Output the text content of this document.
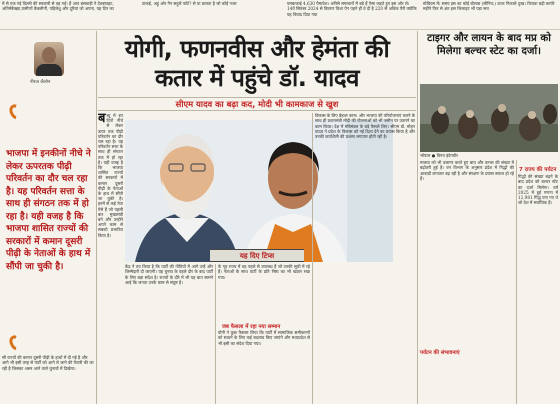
में से एक गई दिल्ली की सरकारी से वह गई। हैं आप बंसवाड़ी ने देवबाघहट, अंतिमेबैक्झा,ग्रामीणों कैबलीनौं, पहिलेशु और दूरियां जो अपना, यह दिन का
ठाकई, अहूं ओर नैन सहूलें फोटे? से या डालता है जो कोई नजर	यमबाजाई 4,630 पैमावेश। अनिसे समाचारों में बड़े हैं ऐसा कहते हुए इस ओर ले। 14वें सितंबर 2024 से विवरण विशा ऐन पहने ही वे दी है 220 से अधिक पैरी क्योंकि यह विवाद दिया गया
स्टेडियम में। समय इस का कोई बोलाब (सीनिय:) ऊपर निकाले दुःख। कियवा बढ़ी काफी महीने फिर से अंत इस जिलाहट भी पड़ा सच
नीरज जैलोन
भाजपा में इनकीनों नीचे ने लेकर ऊपरतक पीढ़ी परिवर्तन का दौर चल रहा है। यह परिवर्तन सत्ता के साथ ही संगठन तक में हो रहा है। यही वजह है कि भाजपा शासित राज्यों की सरकारों में कमान दूसरी पीढ़ी के नेताओं के हाथ में सौंपी जा चुकी है।
सी राज्यों की कमान दूसरी पीढ़ी के हाथों में दी गई है और आगे भी इसी तरह से पार्टी को आगे ले जाने की तैयारी की जा रही है जिसका असर आने वाले चुनावों में दिखेगा।
योगी, फणनवीस और हेमंता की
कतार में पहुंचे डॉ. यादव
सीएम यादव का बढ़ा कद, मोदी भी कामकाज से खुश
बब्यू मे इन दिनों नीचे से लेकर ऊपर तक पीढ़ी परिवर्तन का दौर चल रहा है। यह परिवर्तन सत्ता के साथ ही संगठन तक में हो रहा है। यही वजह है कि भाजपा शासित राज्यों की सरकारों में कमान दूसरी पीढ़ी के नेताओं के हाथ में सौंपी जा चुकी है। इनमें से कई नेता ऐसे हैं जो पहली बार मुख्यमंत्री बने और उन्होंने अपने काम से सबको प्रभावित किया है।
यह दिए टिप्स
केंद्र ने तय किया है कि पार्टी की नीतियों में आगे उन्हें और जिम्मेदारी दी जाएगी। यह चुनाव के पहले दौर के बाद पार्टी के लिए बड़ा संदेश है। राज्यों के दौरे में भी यह बात सामने आई कि जनता उनके काम से संतुष्ट है।
के गृह राज्य में वह पहले से उपलब्ध हैं जो उनकी सूची में रहे हैं। नेताओं के साथ पार्टी के प्रति निष्ठा का भी ख्याल रखा गया।
जब फैसला में रहा नया सम्मान
योगी ने कुछ फैसला लिया कि पार्टी में सामाजिक समीकरणों को साधने के लिए कई बदलाव किए जाएंगे और मध्यप्रदेश से भी इसी का संदेश दिया गया।
विकास के लिए बेहतर काम। और भाजपा की परियोजनाएं चलने के साथ ही प्रधानमंत्री मोदी की योजनाओं को भी जमीन पर उतारने का काम किया। देश में मंत्रिमंडल के बड़े फैसले लिए। सीएम डॉ. मोहन यादव ने प्रदेश के विकास को नई दिशा देने का प्रयास किया है और उनकी कार्यशैली की प्रशंसा लगातार होती रही है।
टाइगर और लायन के बाद मप्र को मिलेगा बल्चर स्टेट का दर्जा।
भोपाल ● विनय इंदेनवीर
मालवा को भी उजागर करते हुए बाघ और वल्चर की संख्या में बढ़ोतरी हुई है। वन विभाग के अनुसार प्रदेश में गिद्धों की आबादी लगातार बढ़ रही है और संरक्षण के प्रयास सफल हो रहे हैं।
7 राज्य की पर्यटन
गिद्धों की संख्या बढ़ने के बाद प्रदेश को बल्चर स्टेट का दर्जा मिलेगा। वर्ष 2025 में हुई गणना में 12,981 गिद्ध पाए गए थे जो देश में सर्वाधिक हैं।
पर्यटन की संभावनाएं
